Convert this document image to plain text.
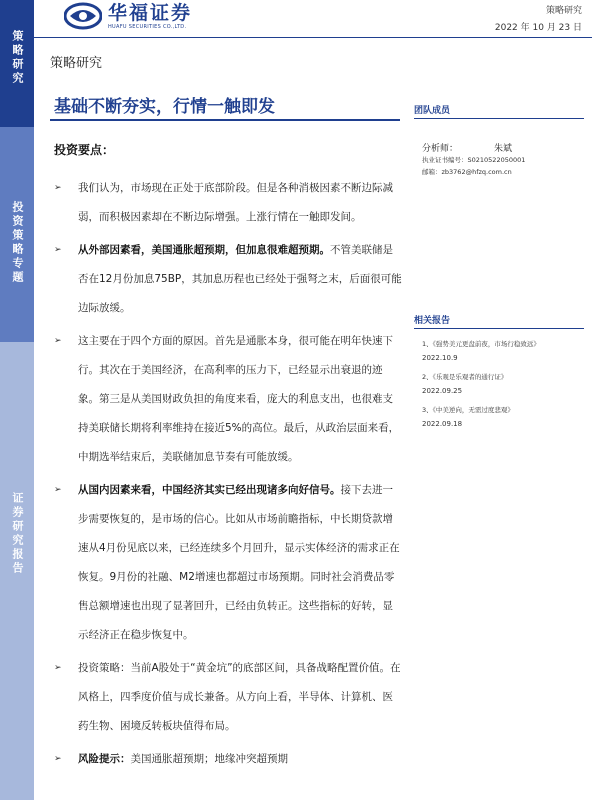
策略研究
投资策略专题
证券研究报告
华福证券
HUAFU SECURITIES CO.,LTD.
策略研究
2022 年 10 月 23 日
策略研究
基础不断夯实，行情一触即发
投资要点：

➢ 我们认为，市场现在正处于底部阶段。但是各种消极因素不断边际减弱，而积极因素却在不断边际增强。上涨行情在一触即发间。

➢ 从外部因素看，美国通胀超预期，但加息很难超预期。不管美联储是否在12月份加息75BP，其加息历程也已经处于强弩之末，后面很可能边际放缓。

➢ 这主要在于四个方面的原因。首先是通胀本身，很可能在明年快速下行。其次在于美国经济，在高利率的压力下，已经显示出衰退的迹象。第三是从美国财政负担的角度来看，庞大的利息支出，也很难支持美联储长期将利率维持在接近5%的高位。最后，从政治层面来看，中期选举结束后，美联储加息节奏有可能放缓。

➢ 从国内因素来看，中国经济其实已经出现诸多向好信号。接下去进一步需要恢复的，是市场的信心。比如从市场前瞻指标，中长期贷款增速从4月份见底以来，已经连续多个月回升，显示实体经济的需求正在恢复。9月份的社融、M2增速也都超过市场预期。同时社会消费品零售总额增速也出现了显著回升，已经由负转正。这些指标的好转，显示经济正在稳步恢复中。

➢ 投资策略：当前A股处于“黄金坑”的底部区间，具备战略配置价值。在风格上，四季度价值与成长兼备。从方向上看，半导体、计算机、医药生物、困境反转板块值得布局。

➢ 风险提示：美国通胀超预期；地缘冲突超预期

团队成员
分析师：	朱斌
执业证书编号：S0210522050001
邮箱：zb3762@hfzq.com.cn
相关报告
1、《强势美元更盘前夜，市场行稳致远》
2022.10.9
2、《乐观是乐观者的通行证》
2022.09.25
3、《中美逆向，无需过度悲观》
2022.09.18
